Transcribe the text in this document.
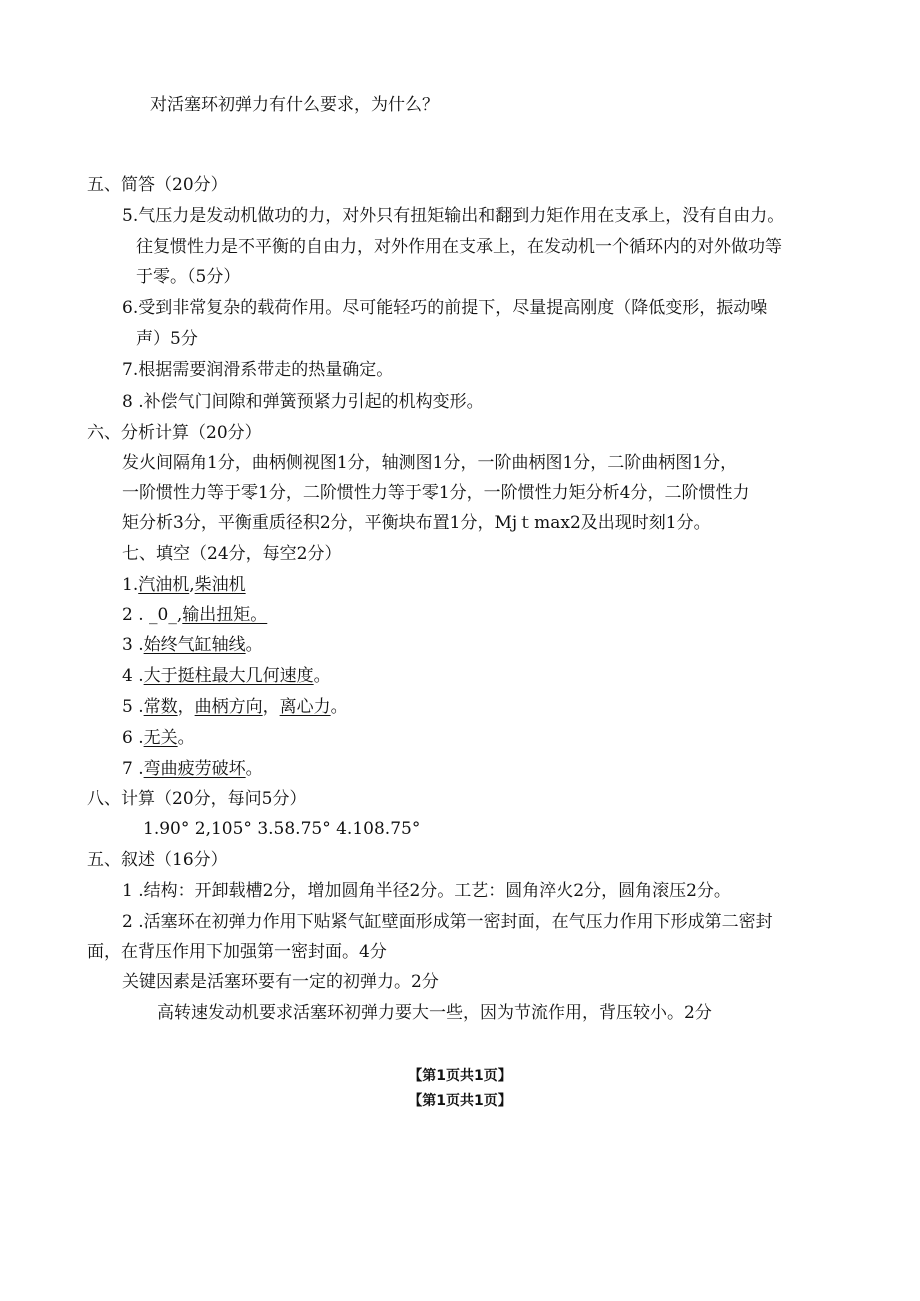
对活塞环初弹力有什么要求，为什么？
五、简答（20分）
5.气压力是发动机做功的力，对外只有扭矩输出和翻到力矩作用在支承上，没有自由力。
往复惯性力是不平衡的自由力，对外作用在支承上，在发动机一个循环内的对外做功等
于零。（5分）
6.受到非常复杂的载荷作用。尽可能轻巧的前提下，尽量提高刚度（降低变形，振动噪
声）5分
7.根据需要润滑系带走的热量确定。
8 .补偿气门间隙和弹簧预紧力引起的机构变形。
六、分析计算（20分）
发火间隔角1分，曲柄侧视图1分，轴测图1分，一阶曲柄图1分，二阶曲柄图1分，
一阶惯性力等于零1分，二阶惯性力等于零1分，一阶惯性力矩分析4分，二阶惯性力
矩分析3分，平衡重质径积2分，平衡块布置1分，Mjｔmax2及出现时刻1分。
七、填空（24分，每空2分）
1.汽油机,柴油机
2 . _0_,输出扭矩。
3 .始终气缸轴线。
4 .大于挺柱最大几何速度。
5 .常数，曲柄方向，离心力。
6 .无关。
7 .弯曲疲劳破坏。
八、计算（20分，每问5分）
1.90° 2,105° 3.58.75° 4.108.75°
五、叙述（16分）
1 .结构：开卸载槽2分，增加圆角半径2分。工艺：圆角淬火2分，圆角滚压2分。
2 .活塞环在初弹力作用下贴紧气缸壁面形成第一密封面，在气压力作用下形成第二密封
面，在背压作用下加强第一密封面。4分
关键因素是活塞环要有一定的初弹力。2分
高转速发动机要求活塞环初弹力要大一些，因为节流作用，背压较小。2分
【第1页共1页】
【第1页共1页】
